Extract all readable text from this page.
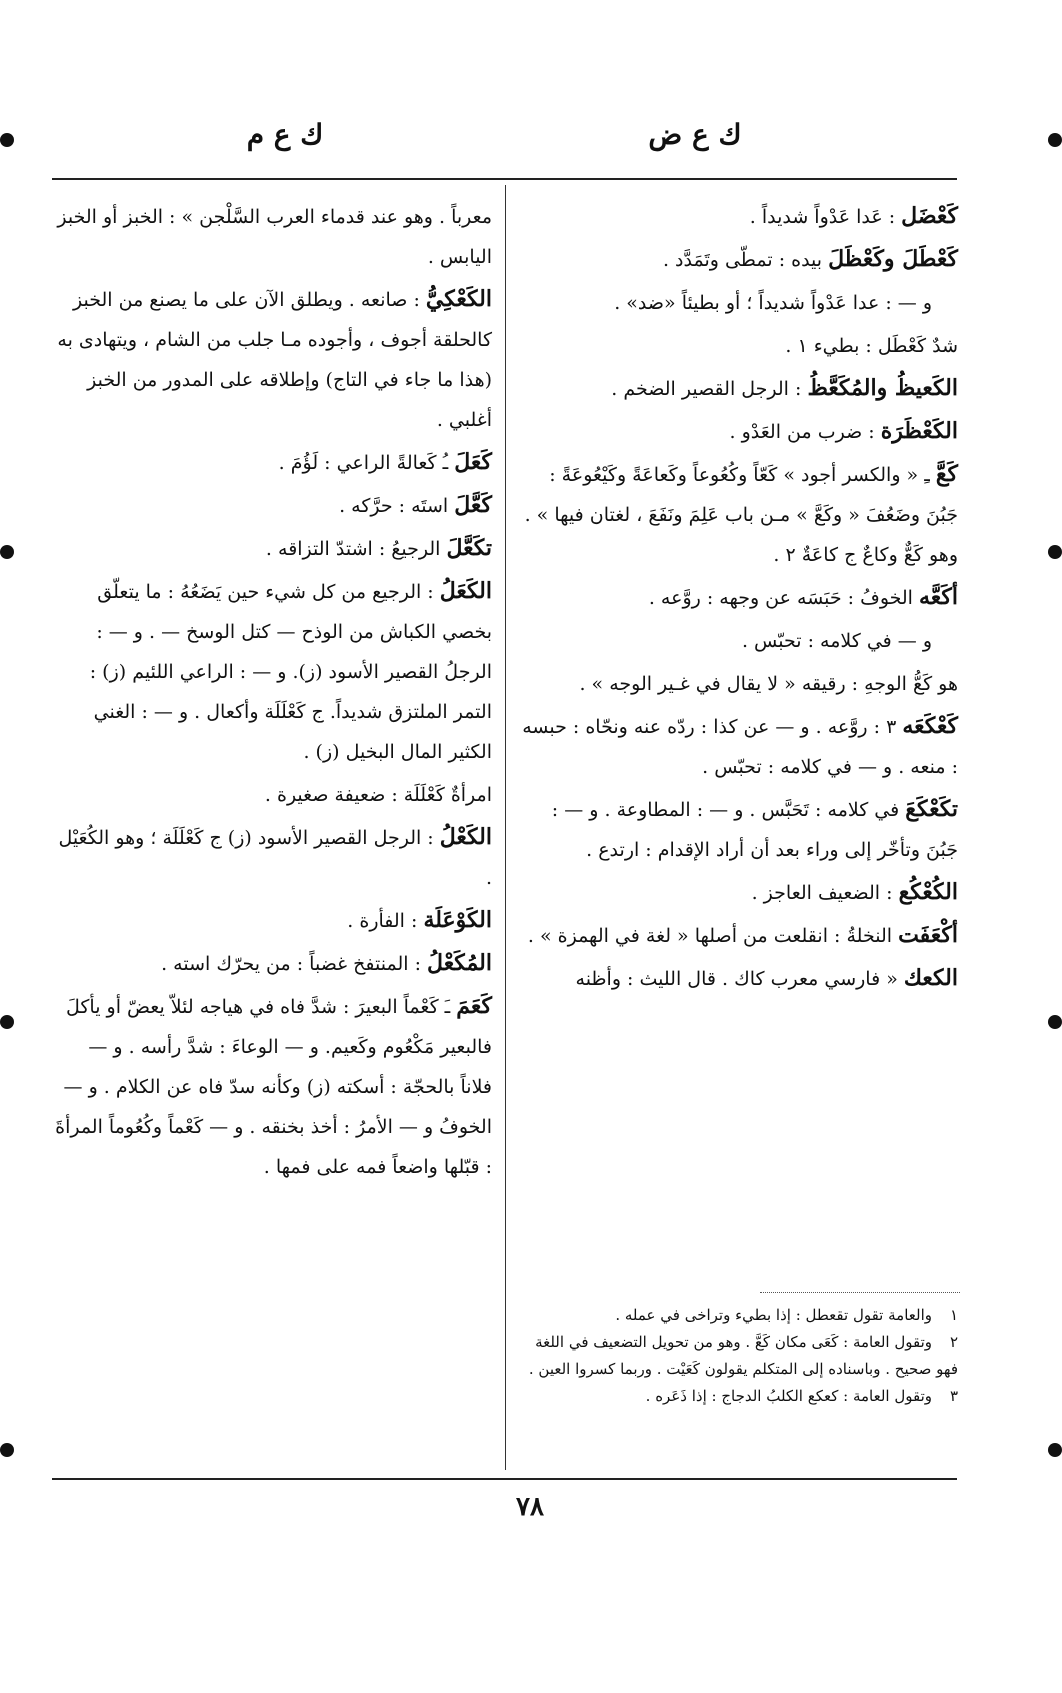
ك ع ض
ك ع م

كَعْضَل : عَدا عَدْواً شديداً .

كَعْطَلَ وكَعْظَلَ بيده : تمطّى وتَمَدَّد .

و — : عدا عَدْواً شديداً ؛ أو بطيئاً «ضد» .

شدٌ كَعْطَل : بطيء ١ .

الكَعيظُ والمُكَعَّظُ : الرجل القصير الضخم .

الكَعْظَرَة : ضرب من العَدْو .

كَعَّ ـِ « والكسر أجود » كَعّاً وكُعُوعاً وكَعاعَةً وكَيْعُوعَةً : جَبُنَ وضَعُفَ « وكَعَّ » مـن باب عَلِمَ ونَفَعَ ، لغتان فيها » . وهو كَعٌّ وكاعٌ ج كاعَةٌ ٢ .

أكَعَّه الخوفُ : حَبَسَه عن وجهه : روَّعه .

و — في كلامه : تحبّس .

هو كَعُّ الوجهِ : رقيقه « لا يقال في غـير الوجه » .

كَعْكَعَه ٣ : روَّعه . و — عن كذا : ردّه عنه ونحّاه : حبسه : منعه . و — في كلامه : تحبّس .

تكَعْكَعَ في كلامه : تَحَبَّس . و — : المطاوعة . و — : جَبُنَ وتأخّر إلى وراء بعد أن أراد الإقدام : ارتدع .

الكُعْكُع : الضعيف العاجز .

أكْعَفَت النخلةُ : انقلعت من أصلها « لغة في الهمزة » .

الكعك « فارسي معرب كاك . قال الليث : وأظنه

١والعامة تقول تقعطل : إذا بطيء وتراخى في عمله .

٢وتقول العامة : كَعَى مكان كَعَّ . وهو من تحويل التضعيف في اللغة فهو صحيح . وباسناده إلى المتكلم يقولون كَعَيْت . وربما كسروا العين .

٣وتقول العامة : كعكع الكلبُ الدجاج : إذا ذَعَره .

معرباً . وهو عند قدماء العرب السَّلْجن » : الخبز أو الخبز اليابس .

الكَعْكِيُّ : صانعه . ويطلق الآن على ما يصنع من الخبز كالحلقة أجوف ، وأجوده مـا جلب من الشام ، ويتهادى به (هذا ما جاء في التاج) وإطلاقه على المدور من الخبز أغلبي .

كَعَلَ ـُ كَعالةً الراعي : لَؤُمَ .

كَعَّلَ استَه : حرَّكه .

تكَعَّلَ الرجيعُ : اشتدّ التزاقه .

الكَعَلُ : الرجيع من كل شيء حين يَضَعُهُ : ما يتعلّق بخصي الكباش من الوذح — كتل الوسخ — . و — : الرجلُ القصير الأسود (ز). و — : الراعي اللئيم (ز) : التمر الملتزق شديداً. ج كَعْلَلَة وأكعال . و — : الغني الكثير المال البخيل (ز) .

امرأةٌ كَعْلَلَة : ضعيفة صغيرة .

الكَعْلُ : الرجل القصير الأسود (ز) ج كَعْلَلَة ؛ وهو الكُعَيْل .

الكَوْعَلَة : الفأرة .

المُكَعْلُ : المنتفخ غضباً : من يحرّك استه .

كَعَمَ ـَ كَعْماً البعيرَ : شدَّ فاه في هياجه لئلاّ يعضّ أو يأكلَ فالبعير مَكْعُوم وكَعيم. و — الوعاءَ : شدَّ رأسه . و — فلاناً بالحجّة : أسكته (ز) وكأنه سدّ فاه عن الكلام . و — الخوفُ و — الأمرُ : أخذ بخنقه . و — كَعْماً وكُعُوماً المرأةَ : قبّلها واضعاً فمه على فمها .

٧٨
